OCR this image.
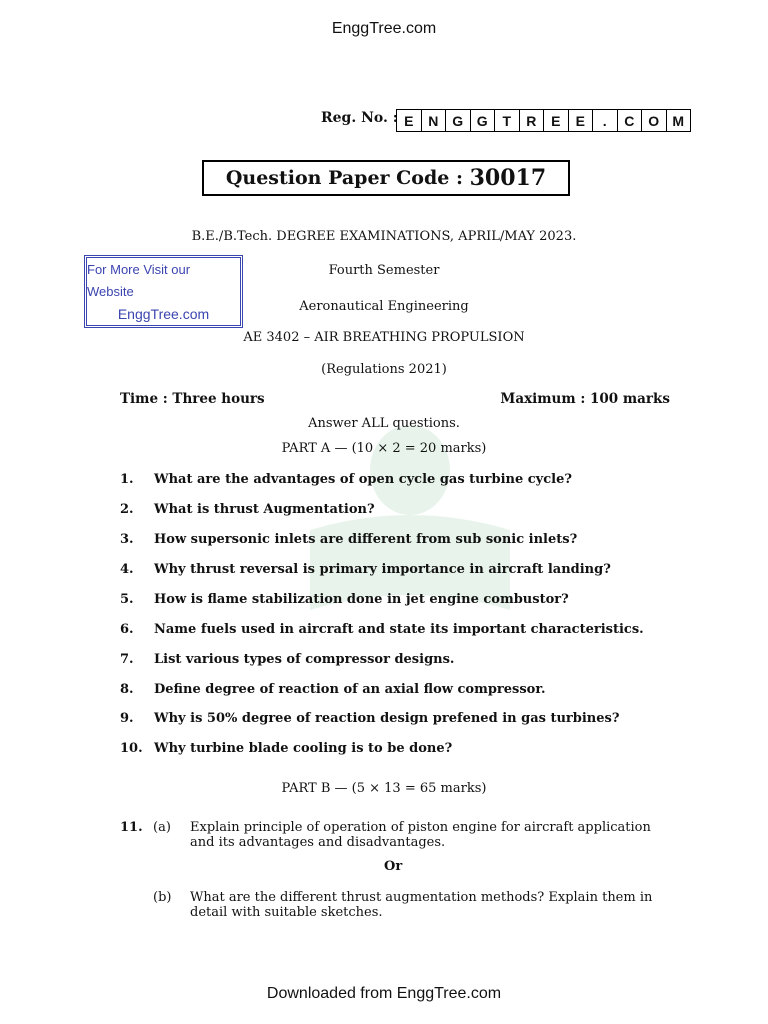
EnggTree.com
Reg. No. : E	N G G	T	R	E	E	.	C O M
Question Paper Code :
30017
B.E./B.Tech. DEGREE EXAMINATIONS, APRIL/MAY 2023.
For More Visit our Website
EnggTree.com
Fourth Semester
Aeronautical Engineering
AE 3402 – AIR BREATHING PROPULSION
(Regulations 2021)
Time : Three hours	Maximum : 100 marks
Answer ALL questions.
PART A — (10 × 2 = 20 marks)
1.	What are the advantages of open cycle gas turbine cycle?
2.	What is thrust Augmentation?
3.	How supersonic inlets are different from sub sonic inlets?
4.	Why thrust reversal is primary importance in aircraft landing?
5.	How is flame stabilization done in jet engine combustor?
6.	Name fuels used in aircraft and state its important characteristics.
7.	List various types of compressor designs.
8.	Define degree of reaction of an axial flow compressor.
9.	Why is 50% degree of reaction design prefened in gas turbines?
10. Why turbine blade cooling is to be done?
PART B — (5 × 13 = 65 marks)
11. (a) Explain principle of operation of piston engine for aircraft application
and its advantages and disadvantages.
Or
(b) What are the different thrust augmentation methods? Explain them in
detail with suitable sketches.
Downloaded from EnggTree.com
